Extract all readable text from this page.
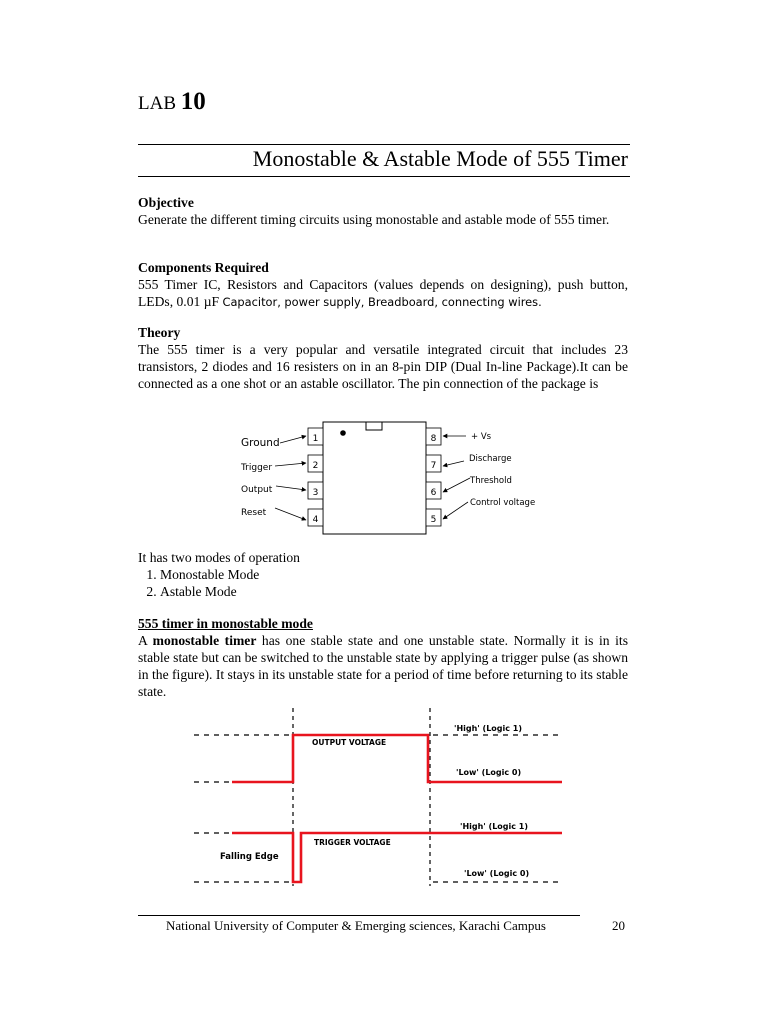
LAB 10
Monostable & Astable Mode of 555 Timer
Objective
Generate the different timing circuits using monostable and astable mode of 555 timer.
Components Required
555 Timer IC, Resistors and Capacitors (values depends on designing), push button, LEDs, 0.01 µF Capacitor, power supply, Breadboard, connecting wires.
Theory
The 555 timer is a very popular and versatile integrated circuit that includes 23 transistors, 2 diodes and 16 resisters on in an 8-pin DIP (Dual In-line Package).It can be connected as a one shot or an astable oscillator. The pin connection of the package is
1
2
3
4
8
7
6
5
Ground
Trigger
Output
Reset
+ Vs
Discharge
Threshold
Control voltage
It has two modes of operation
1. Monostable Mode
2. Astable Mode
555 timer in monostable mode
A monostable timer has one stable state and one unstable state. Normally it is in its stable state but can be switched to the unstable state by applying a trigger pulse (as shown in the figure). It stays in its unstable state for a period of time before returning to its stable state.
OUTPUT VOLTAGE
'High' (Logic 1)
'Low' (Logic 0)
TRIGGER VOLTAGE
'High' (Logic 1)
'Low' (Logic 0)
Falling Edge
National University of Computer & Emerging sciences, Karachi Campus	20
